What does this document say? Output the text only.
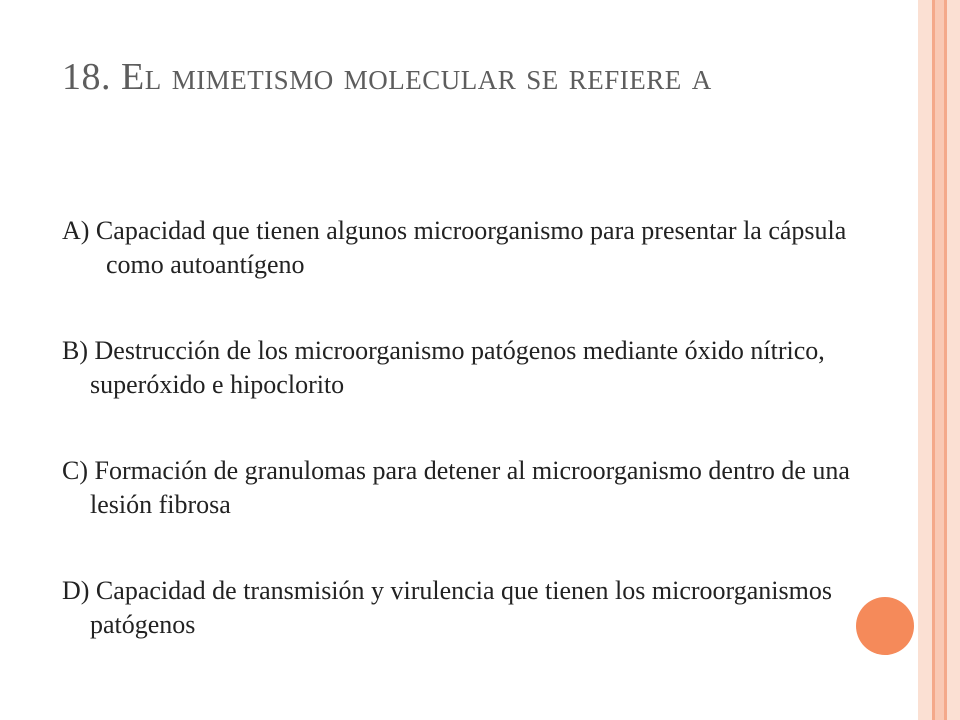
18. El mimetismo molecular se refiere a
A) Capacidad que tienen algunos microorganismo para presentar la cápsula como autoantígeno
B) Destrucción de los microorganismo patógenos mediante óxido nítrico, superóxido e hipoclorito
C) Formación de granulomas para detener al microorganismo dentro de una lesión fibrosa
D) Capacidad de transmisión y virulencia que tienen los microorganismos patógenos
